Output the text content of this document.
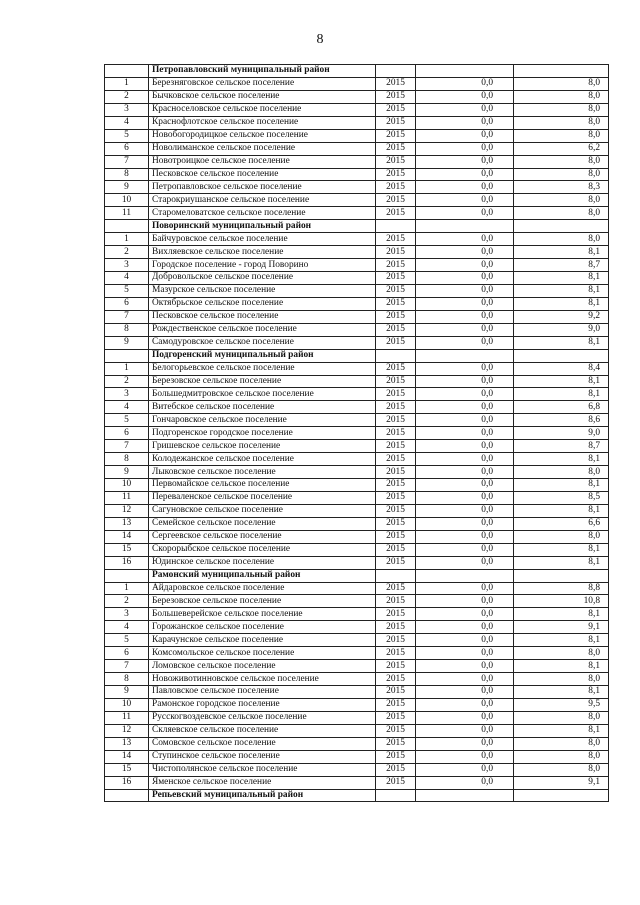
8
	Петропавловский муниципальный район			
1	Березняговское сельское поселение	2015	0,0	8,0
2	Бычковское сельское поселение	2015	0,0	8,0
3	Красноселовское сельское поселение	2015	0,0	8,0
4	Краснофлотское сельское поселение	2015	0,0	8,0
5	Новобогородицкое сельское поселение	2015	0,0	8,0
6	Новолиманское сельское поселение	2015	0,0	6,2
7	Новотроицкое сельское поселение	2015	0,0	8,0
8	Песковское сельское поселение	2015	0,0	8,0
9	Петропавловское сельское поселение	2015	0,0	8,3
10	Старокриушанское сельское поселение	2015	0,0	8,0
11	Старомеловатское сельское поселение	2015	0,0	8,0
	Поворинский муниципальный район			
1	Байчуровское сельское поселение	2015	0,0	8,0
2	Вихляевское сельское поселение	2015	0,0	8,1
3	Городское поселение - город Поворино	2015	0,0	8,7
4	Добровольское сельское поселение	2015	0,0	8,1
5	Мазурское сельское поселение	2015	0,0	8,1
6	Октябрьское сельское поселение	2015	0,0	8,1
7	Песковское сельское поселение	2015	0,0	9,2
8	Рождественское сельское поселение	2015	0,0	9,0
9	Самодуровское сельское поселение	2015	0,0	8,1
	Подгоренский муниципальный район			
1	Белогорьевское сельское поселение	2015	0,0	8,4
2	Березовское сельское поселение	2015	0,0	8,1
3	Большедмитровское сельское поселение	2015	0,0	8,1
4	Витебское сельское поселение	2015	0,0	6,8
5	Гончаровское сельское поселение	2015	0,0	8,6
6	Подгоренское городское поселение	2015	0,0	9,0
7	Гришевское сельское поселение	2015	0,0	8,7
8	Колодежанское сельское поселение	2015	0,0	8,1
9	Лыковское сельское поселение	2015	0,0	8,0
10	Первомайское сельское поселение	2015	0,0	8,1
11	Переваленское сельское поселение	2015	0,0	8,5
12	Сагуновское сельское поселение	2015	0,0	8,1
13	Семейское сельское поселение	2015	0,0	6,6
14	Сергеевское сельское поселение	2015	0,0	8,0
15	Скорорыбское сельское поселение	2015	0,0	8,1
16	Юдинское сельское поселение	2015	0,0	8,1
	Рамонский муниципальный район			
1	Айдаровское сельское поселение	2015	0,0	8,8
2	Березовское сельское поселение	2015	0,0	10,8
3	Большеверейское сельское поселение	2015	0,0	8,1
4	Горожанское сельское поселение	2015	0,0	9,1
5	Карачунское сельское поселение	2015	0,0	8,1
6	Комсомольское сельское поселение	2015	0,0	8,0
7	Ломовское сельское поселение	2015	0,0	8,1
8	Новоживотинновское сельское поселение	2015	0,0	8,0
9	Павловское сельское поселение	2015	0,0	8,1
10	Рамонское городское поселение	2015	0,0	9,5
11	Русскогвоздевское сельское поселение	2015	0,0	8,0
12	Скляевское сельское поселение	2015	0,0	8,1
13	Сомовское сельское поселение	2015	0,0	8,0
14	Ступинское сельское поселение	2015	0,0	8,0
15	Чистополянское сельское поселение	2015	0,0	8,0
16	Яменское сельское поселение	2015	0,0	9,1
	Репьевский муниципальный район			
